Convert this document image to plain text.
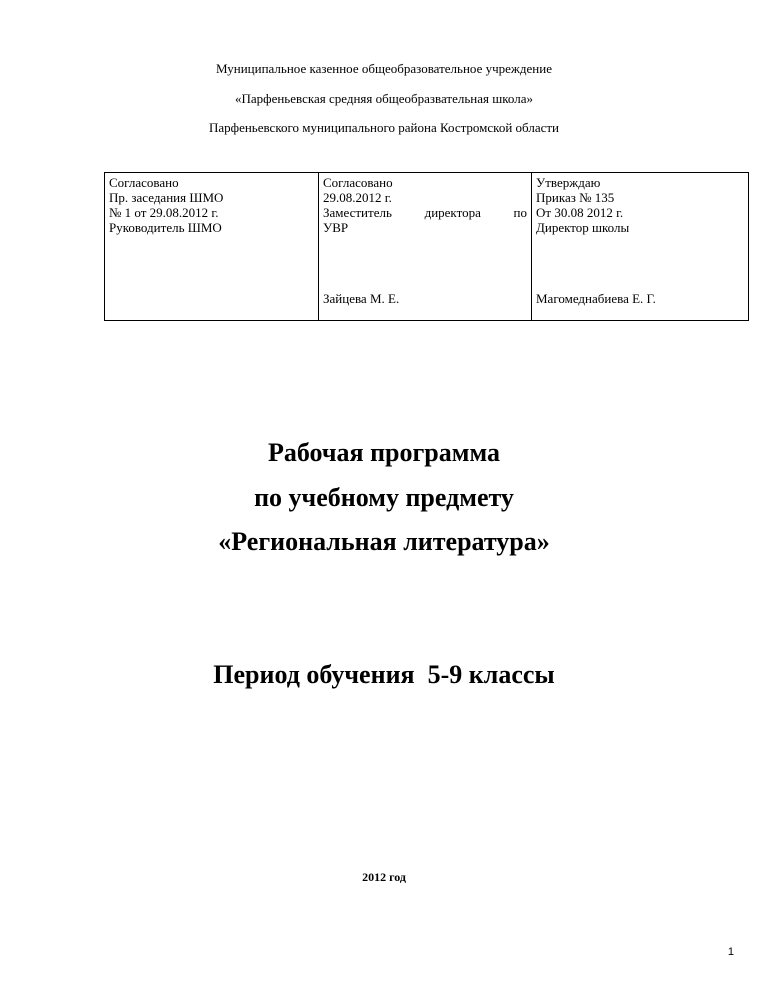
Муниципальное казенное общеобразовательное учреждение
«Парфеньевская средняя общеобразвательная школа»
Парфеньевского муниципального района Костромской области
Согласовано
Пр. заседания ШМО
№ 1 от 29.08.2012 г.
Руководитель ШМО

Согласовано
29.08.2012 г.
Заместитель	директора	по
УВР
Зайцева М. Е.

Утверждаю
Приказ № 135
От 30.08 2012 г.
Директор школы
Магомеднабиева Е. Г.
Рабочая программа
по учебному предмету
«Региональная литература»
Период обучения  5-9 классы
2012 год
1
